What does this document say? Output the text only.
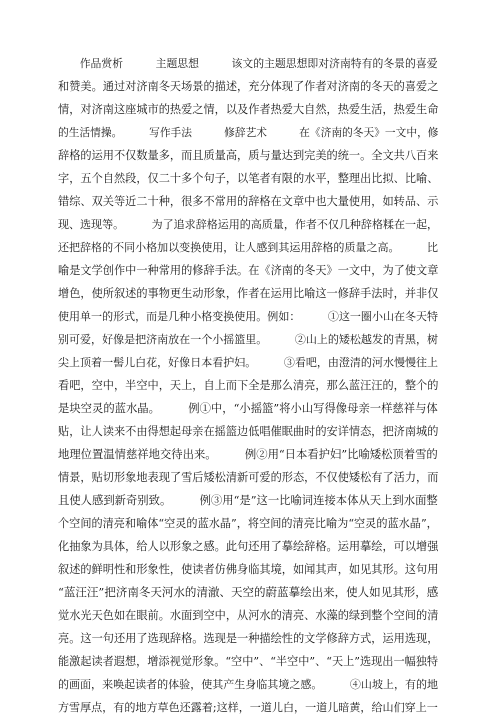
　　作品赏析　　　主题思想　　　该文的主题思想即对济南特有的冬景的喜爱
和赞美。通过对济南冬天场景的描述，充分体现了作者对济南的冬天的喜爱之
情，对济南这座城市的热爱之情，以及作者热爱大自然，热爱生活，热爱生命
的生活情操。　　　写作手法　　　修辞艺术　　　在《济南的冬天》一文中，修
辞格的运用不仅数量多，而且质量高，质与量达到完美的统一。全文共八百来
字，五个自然段，仅二十多个句子，以笔者有限的水平，整理出比拟、比喻、
错综、双关等近二十种，很多不常用的辞格在文章中也大量使用，如转品、示
现、选现等。　　　为了追求辞格运用的高质量，作者不仅几种辞格糅在一起，
还把辞格的不同小格加以变换使用，让人感到其运用辞格的质量之高。　　　比
喻是文学创作中一种常用的修辞手法。在《济南的冬天》一文中，为了使文章
增色，使所叙述的事物更生动形象，作者在运用比喻这一修辞手法时，并非仅
使用单一的形式，而是几种小格变换使用。例如：　　　①这一圈小山在冬天特
别可爱，好像是把济南放在一个小摇篮里。　　　②山上的矮松越发的青黑，树
尖上顶着一髻儿白花，好像日本看护妇。　　　③看吧，由澄清的河水慢慢往上
看吧，空中，半空中，天上，自上而下全是那么清亮，那么蓝汪汪的，整个的
是块空灵的蓝水晶。　　　例①中，“小摇篮”将小山写得像母亲一样慈祥与体
贴，让人读来不由得想起母亲在摇篮边低唱催眠曲时的安详情态，把济南城的
地理位置温情慈祥地交待出来。　　　例②用“日本看护妇”比喻矮松顶着雪的
情景，贴切形象地表现了雪后矮松清新可爱的形态，不仅使矮松有了活力，而
且使人感到新奇别致。　　　例③用“是”这一比喻词连接本体从天上到水面整
个空间的清亮和喻体“空灵的蓝水晶”，将空间的清亮比喻为“空灵的蓝水晶”，
化抽象为具体，给人以形象之感。此句还用了摹绘辞格。运用摹绘，可以增强
叙述的鲜明性和形象性，使读者仿佛身临其境，如闻其声，如见其形。这句用
“蓝汪汪”把济南冬天河水的清澈、天空的蔚蓝摹绘出来，使人如见其形，感
觉水光天色如在眼前。水面到空中，从河水的清亮、水藻的绿到整个空间的清
亮。这一句还用了选现辞格。选现是一种描绘性的文学修辞方式，运用选现，
能激起读者遐想，增添视觉形象。“空中”、“半空中”、“天上”选现出一幅独特
的画面，来唤起读者的体验，使其产生身临其境之感。　　　④山坡上，有的地
方雪厚点，有的地方草色还露着;这样，一道儿白，一道儿暗黄，给山们穿上一
